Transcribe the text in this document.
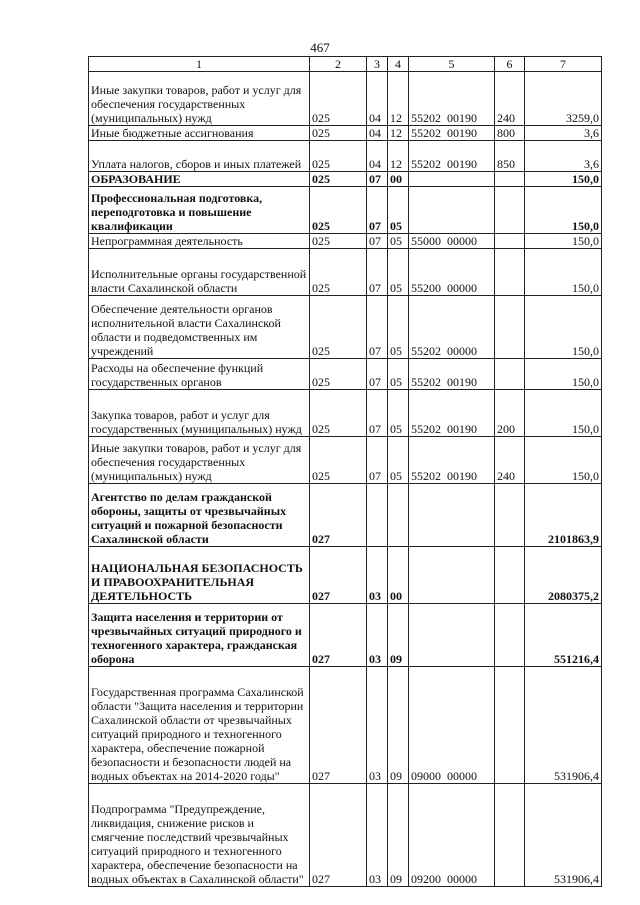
467
1	2	3	4	5	6	7
Иные закупки товаров, работ и услуг для обеспечения государственных (муниципальных) нужд	025	04	12	55202  00190	240	3259,0
Иные бюджетные ассигнования	025	04	12	55202  00190	800	3,6
Уплата налогов, сборов и иных платежей	025	04	12	55202  00190	850	3,6
ОБРАЗОВАНИЕ	025	07	00			150,0
Профессиональная подготовка, переподготовка и повышение квалификации	025	07	05			150,0
Непрограммная деятельность	025	07	05	55000  00000		150,0
Исполнительные органы государственной власти Сахалинской области	025	07	05	55200  00000		150,0
Обеспечение деятельности органов исполнительной власти Сахалинской области и подведомственных им учреждений	025	07	05	55202  00000		150,0
Расходы на обеспечение функций государственных органов	025	07	05	55202  00190		150,0
Закупка товаров, работ и услуг для государственных (муниципальных) нужд	025	07	05	55202  00190	200	150,0
Иные закупки товаров, работ и услуг для обеспечения государственных (муниципальных) нужд	025	07	05	55202  00190	240	150,0
Агентство по делам гражданской обороны, защиты от чрезвычайных ситуаций и пожарной безопасности Сахалинской области	027					2101863,9
НАЦИОНАЛЬНАЯ БЕЗОПАСНОСТЬ И ПРАВООХРАНИТЕЛЬНАЯ ДЕЯТЕЛЬНОСТЬ	027	03	00			2080375,2
Защита населения и территории от чрезвычайных ситуаций природного и техногенного характера, гражданская оборона	027	03	09			551216,4
Государственная программа Сахалинской области "Защита населения и территории Сахалинской области от чрезвычайных ситуаций природного и техногенного характера, обеспечение пожарной безопасности и безопасности людей на водных объектах на 2014-2020 годы"	027	03	09	09000  00000		531906,4
Подпрограмма "Предупреждение, ликвидация, снижение рисков и смягчение последствий чрезвычайных ситуаций природного и техногенного характера, обеспечение безопасности на водных объектах в Сахалинской области"	027	03	09	09200  00000		531906,4
